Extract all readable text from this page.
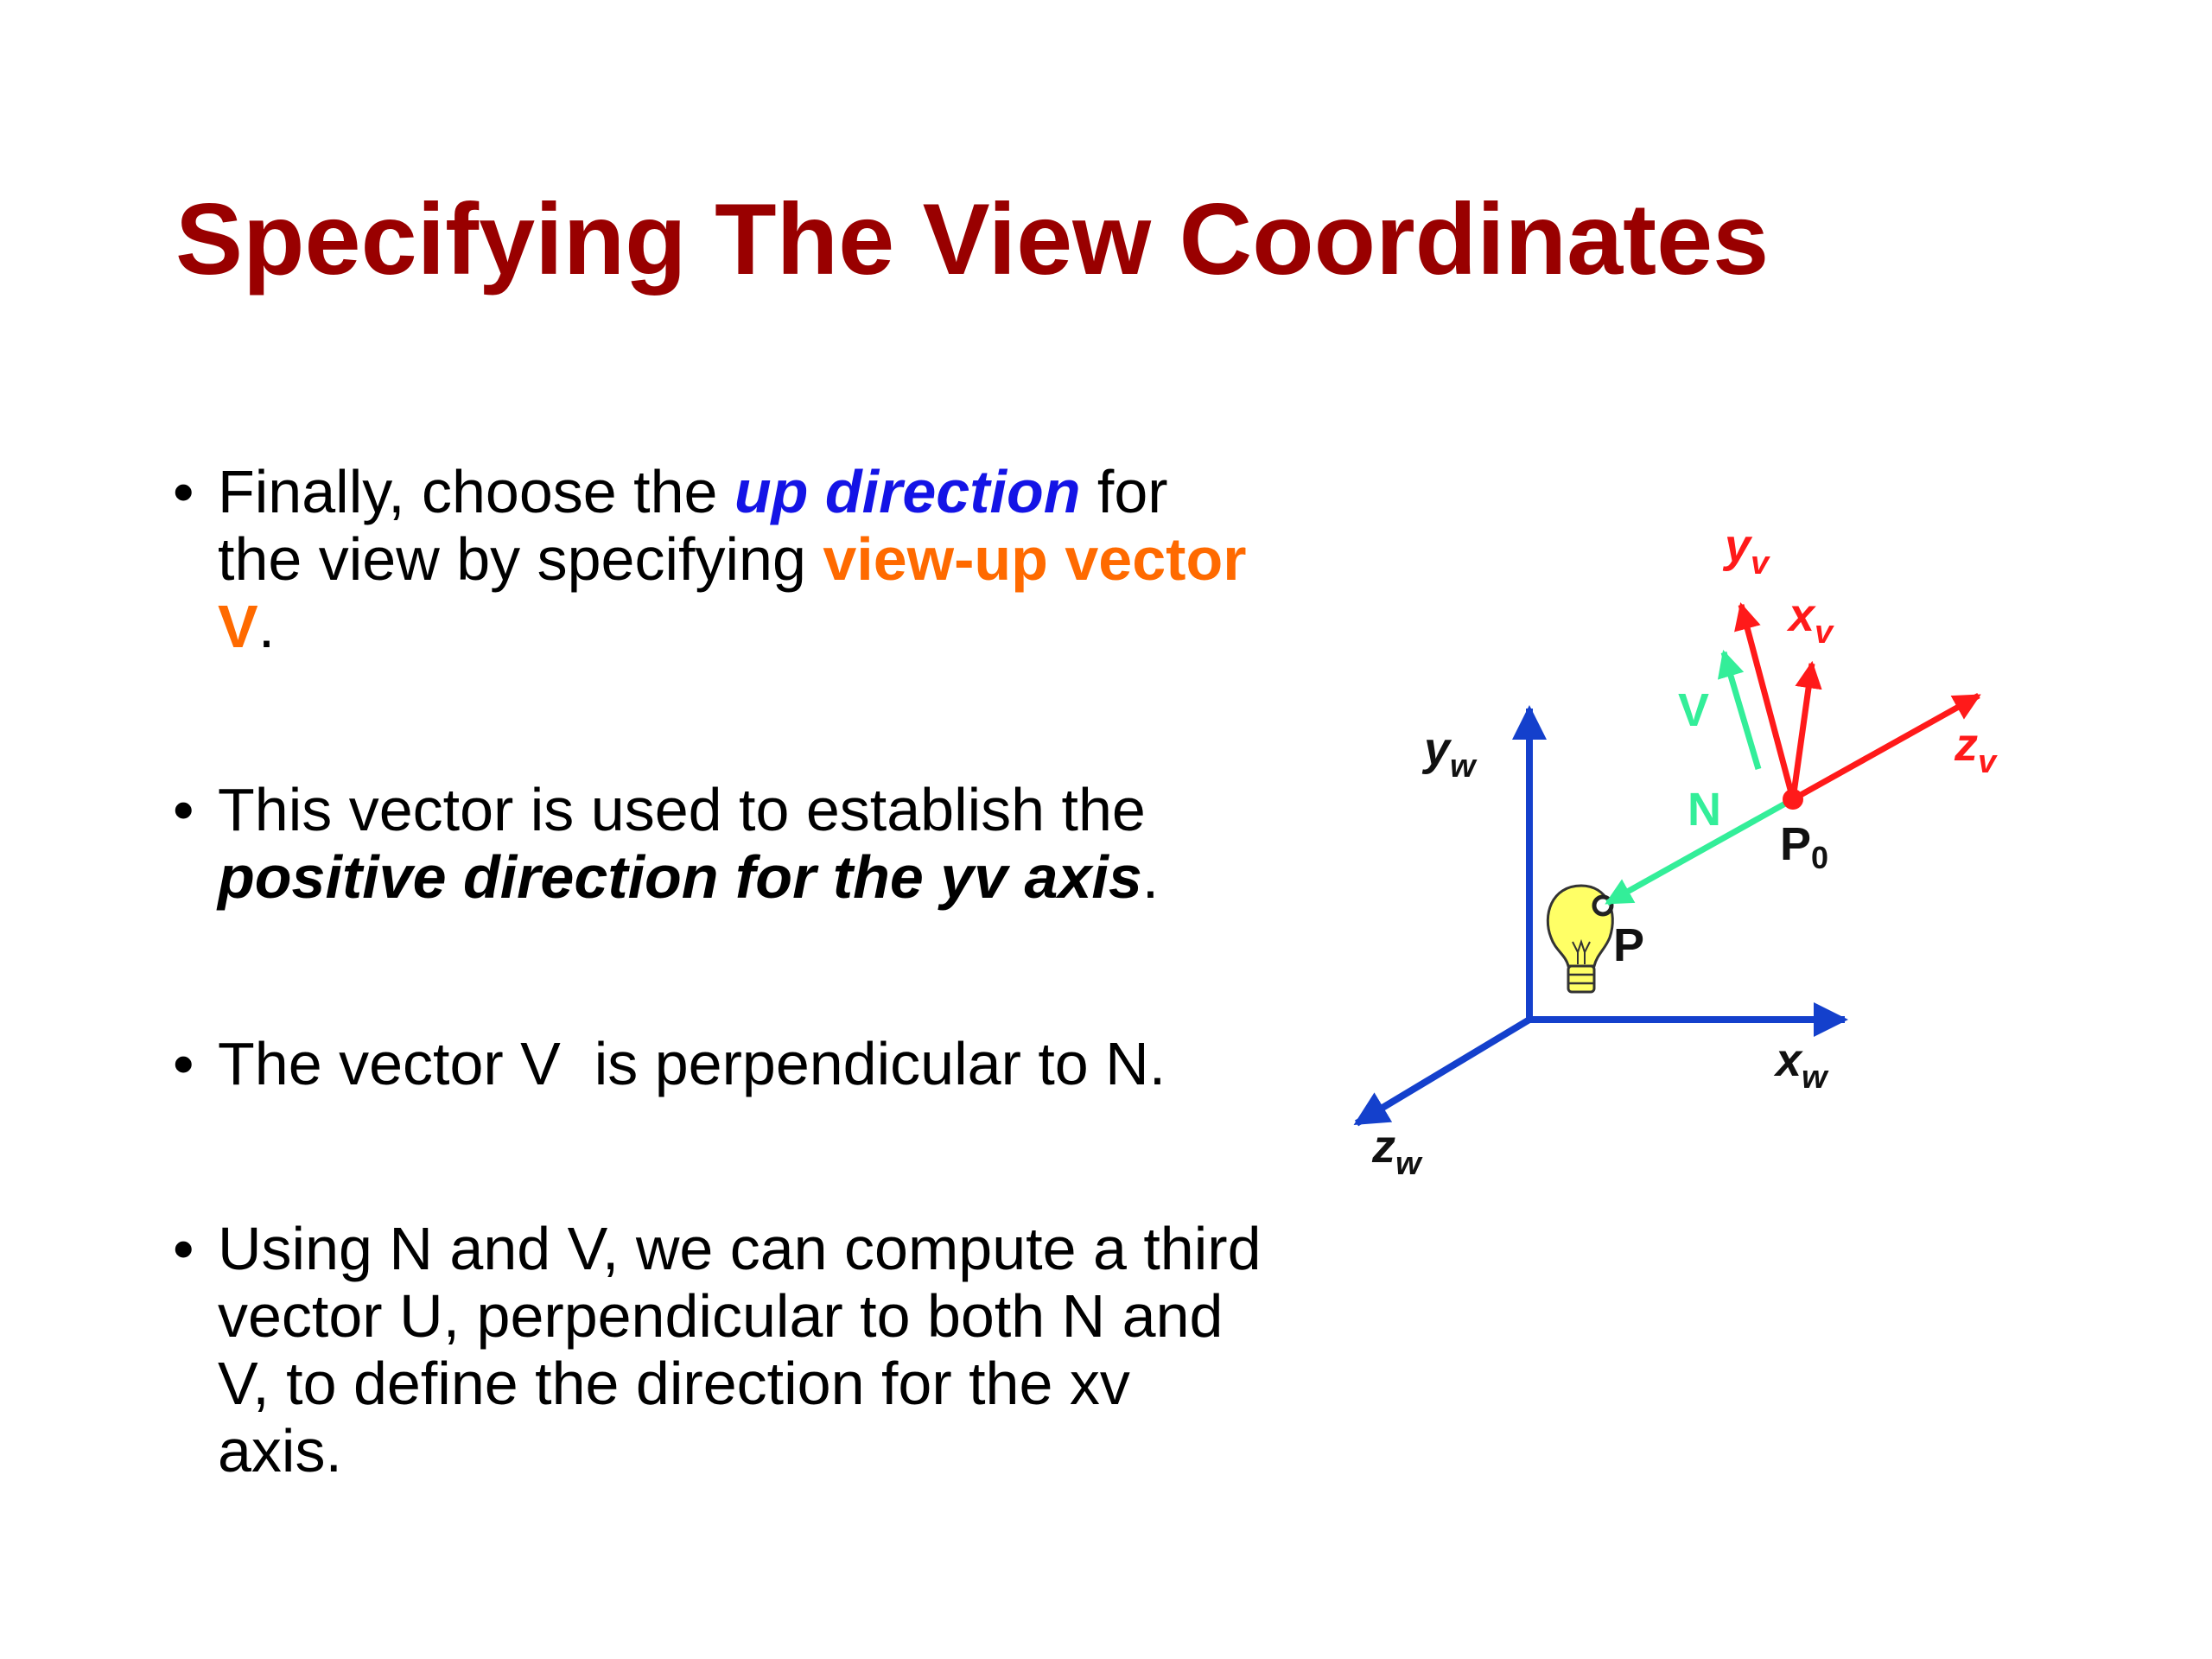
Specifying The View Coordinates
• Finally, choose the up direction for the view by specifying view-up vector V.
• This vector is used to establish the positive direction for the yv axis.
• The vector V  is perpendicular to N.
• Using N and V, we can compute a third vector U, perpendicular to both N and V, to define the direction for the xv axis.
$y_w$
$x_w$
$z_w$
$y_v$
$x_v$
$z_v$
V
N
P0
P
